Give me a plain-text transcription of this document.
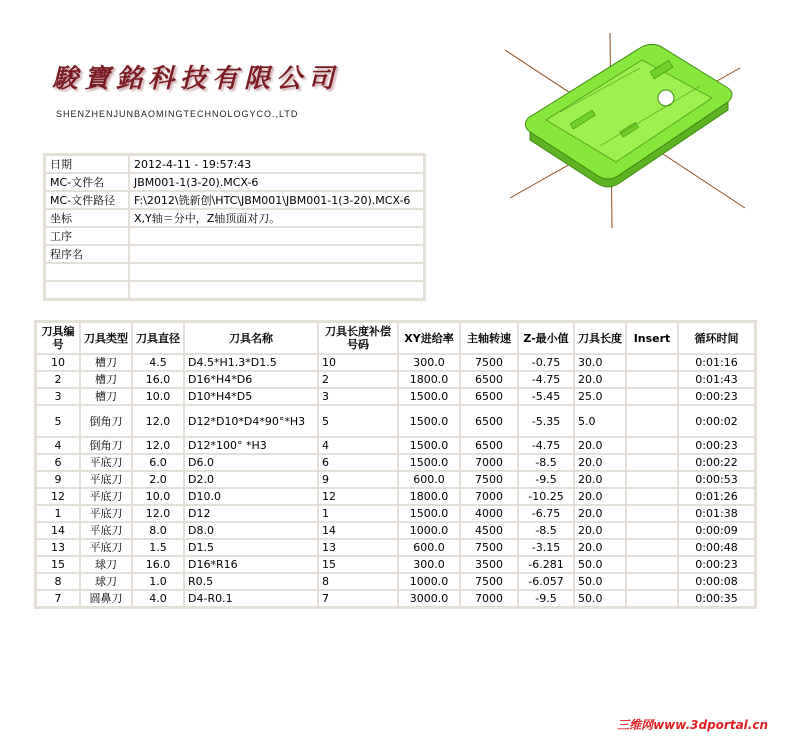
駿寶銘科技有限公司
SHENZHENJUNBAOMINGTECHNOLOGYCO.,LTD
日期	2012-4-11 - 19:57:43
MC-文件名	JBM001-1(3-20).MCX-6
MC-文件路径	F:\2012\铣新创\HTC\JBM001\JBM001-1(3-20).MCX-6
坐标	X,Y轴＝分中，Z轴顶面对刀。
工序	
程序名	

刀具编号	刀具类型	刀具直径	刀具名称	刀具长度补偿号码	XY进给率	主轴转速	Z-最小值	刀具长度	Insert	循环时间
10	槽刀	4.5	D4.5*H1.3*D1.5	10	300.0	7500	-0.75	30.0		0:01:16
2	槽刀	16.0	D16*H4*D6	2	1800.0	6500	-4.75	20.0		0:01:43
3	槽刀	10.0	D10*H4*D5	3	1500.0	6500	-5.45	25.0		0:00:23
5	倒角刀	12.0	D12*D10*D4*90°*H3	5	1500.0	6500	-5.35	5.0		0:00:02
4	倒角刀	12.0	D12*100° *H3	4	1500.0	6500	-4.75	20.0		0:00:23
6	平底刀	6.0	D6.0	6	1500.0	7000	-8.5	20.0		0:00:22
9	平底刀	2.0	D2.0	9	600.0	7500	-9.5	20.0		0:00:53
12	平底刀	10.0	D10.0	12	1800.0	7000	-10.25	20.0		0:01:26
1	平底刀	12.0	D12	1	1500.0	4000	-6.75	20.0		0:01:38
14	平底刀	8.0	D8.0	14	1000.0	4500	-8.5	20.0		0:00:09
13	平底刀	1.5	D1.5	13	600.0	7500	-3.15	20.0		0:00:48
15	球刀	16.0	D16*R16	15	300.0	3500	-6.281	50.0		0:00:23
8	球刀	1.0	R0.5	8	1000.0	7500	-6.057	50.0		0:00:08
7	圆鼻刀	4.0	D4-R0.1	7	3000.0	7000	-9.5	50.0		0:00:35
三维网www.3dportal.cn
